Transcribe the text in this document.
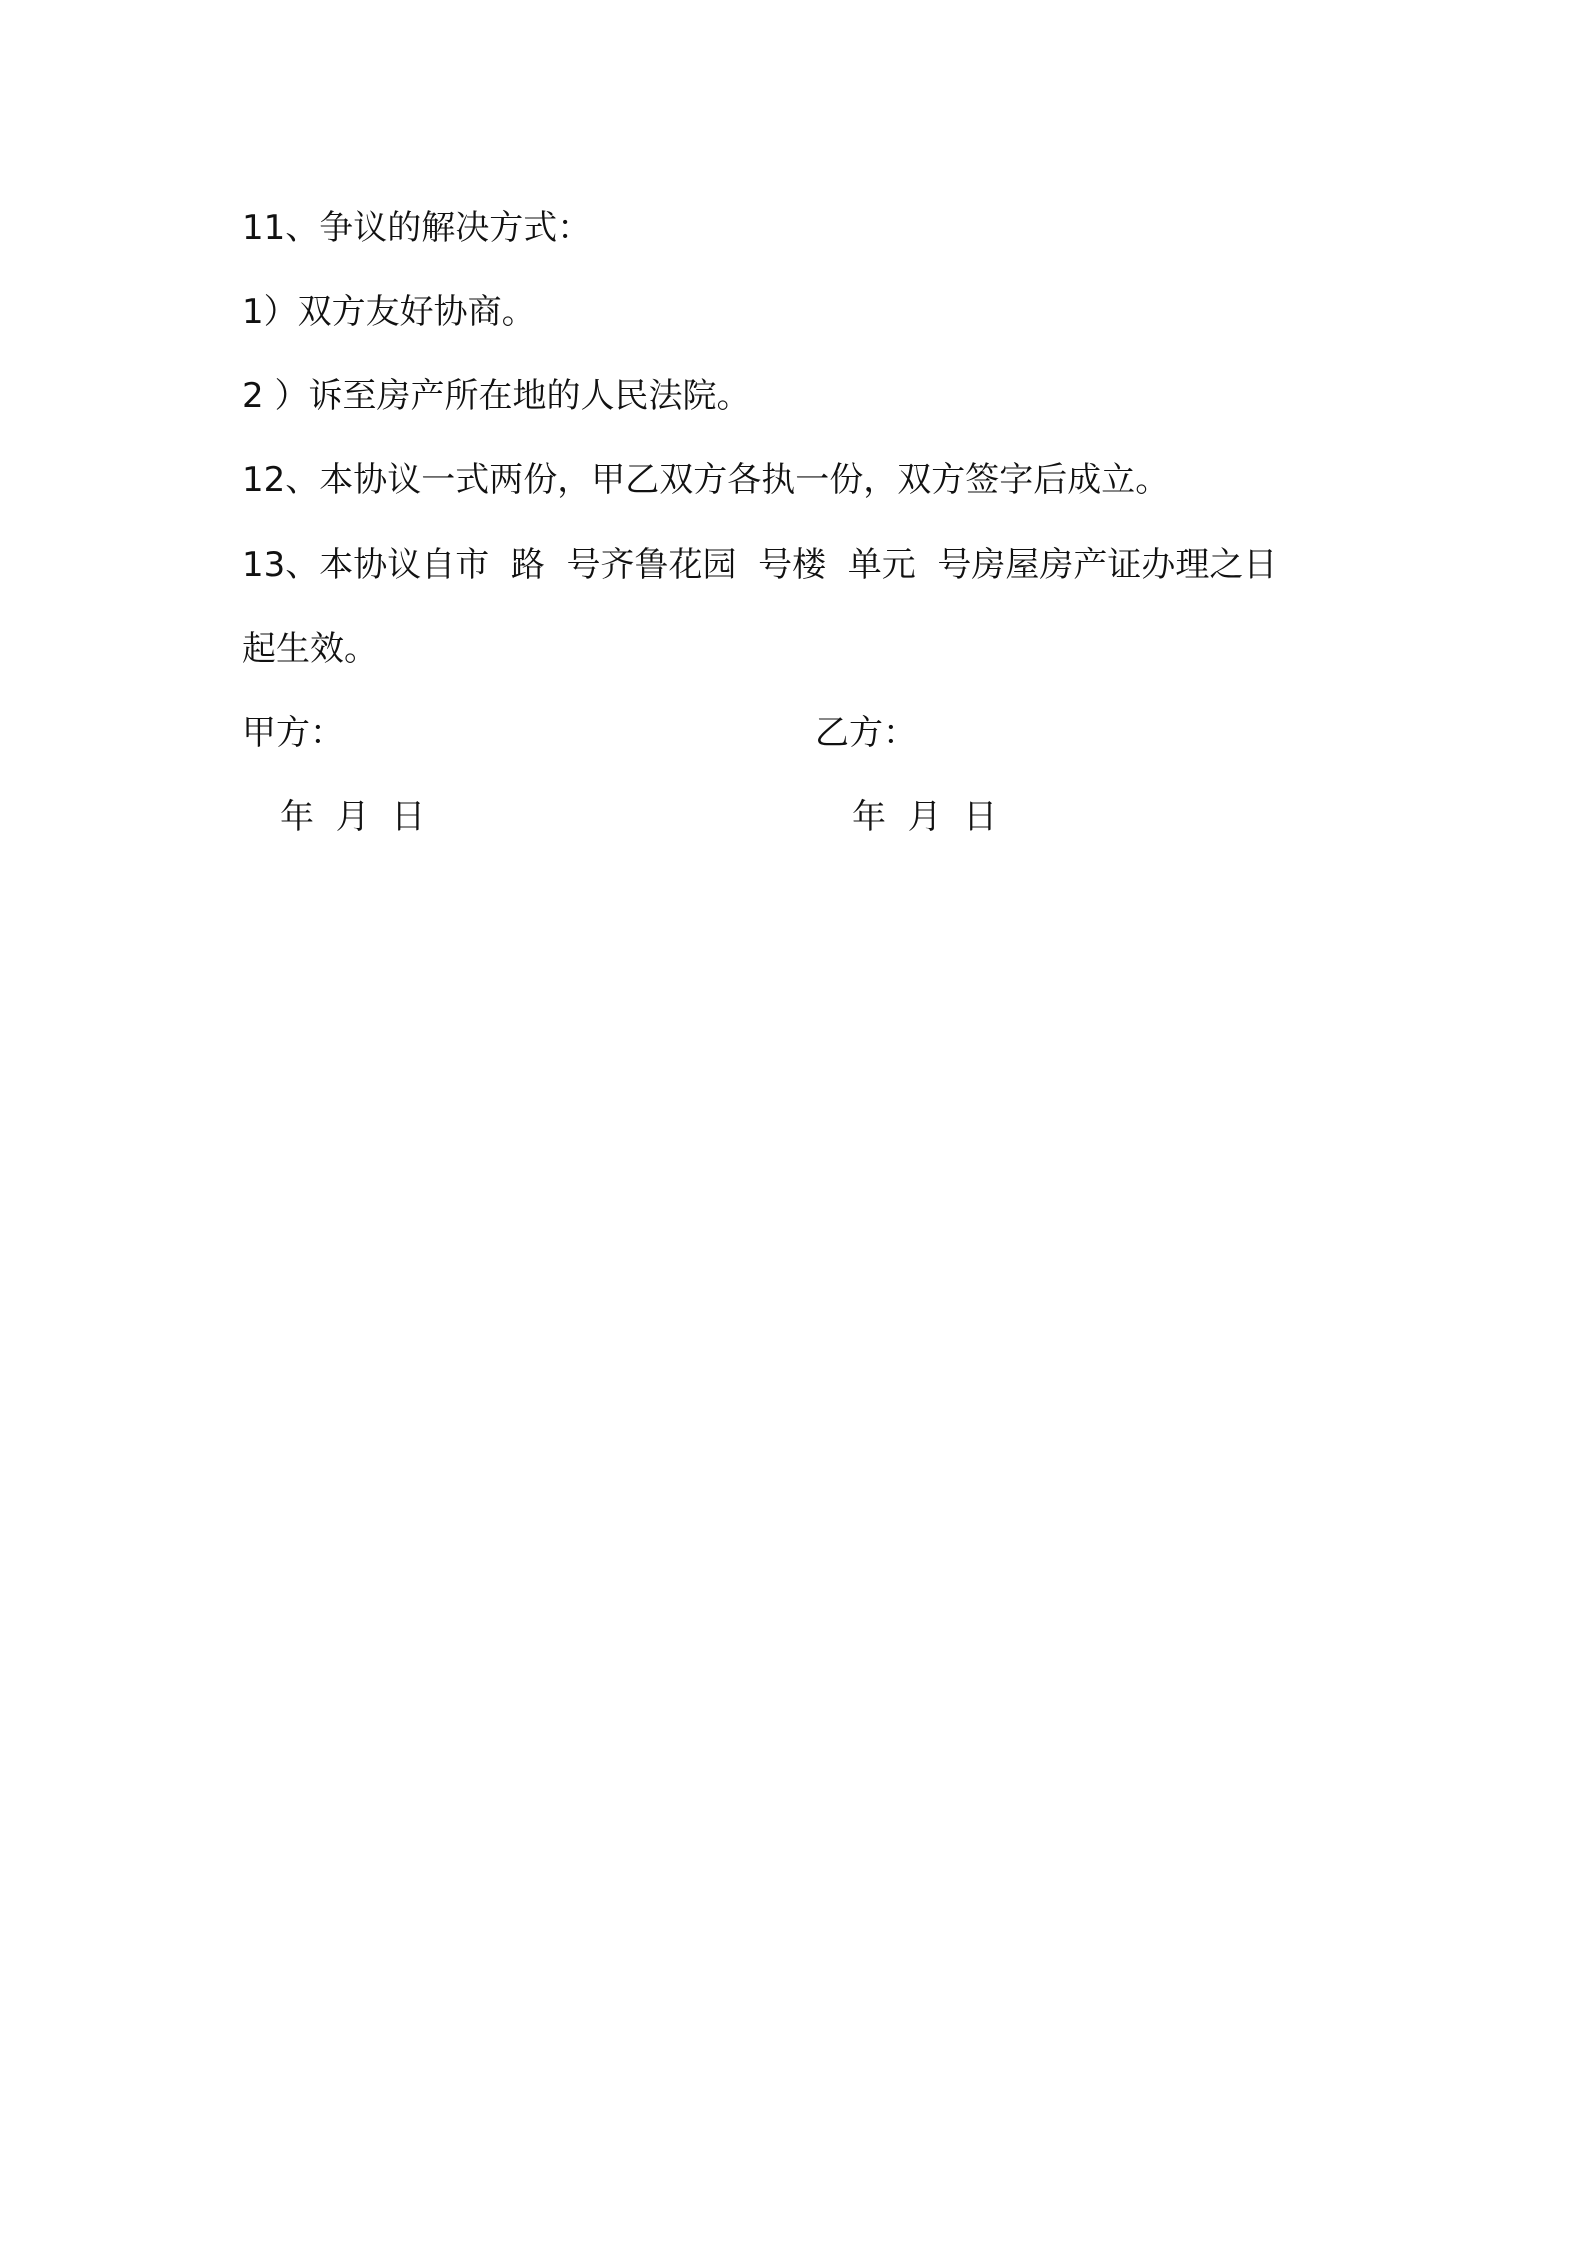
11、争议的解决方式：

1）双方友好协商。

2 ）诉至房产所在地的人民法院。

12、本协议一式两份，甲乙双方各执一份，双方签字后成立。

13、本协议自市  路  号齐鲁花园  号楼  单元  号房屋房产证办理之日

起生效。

甲方：	乙方：

年  月  日	年  月  日
